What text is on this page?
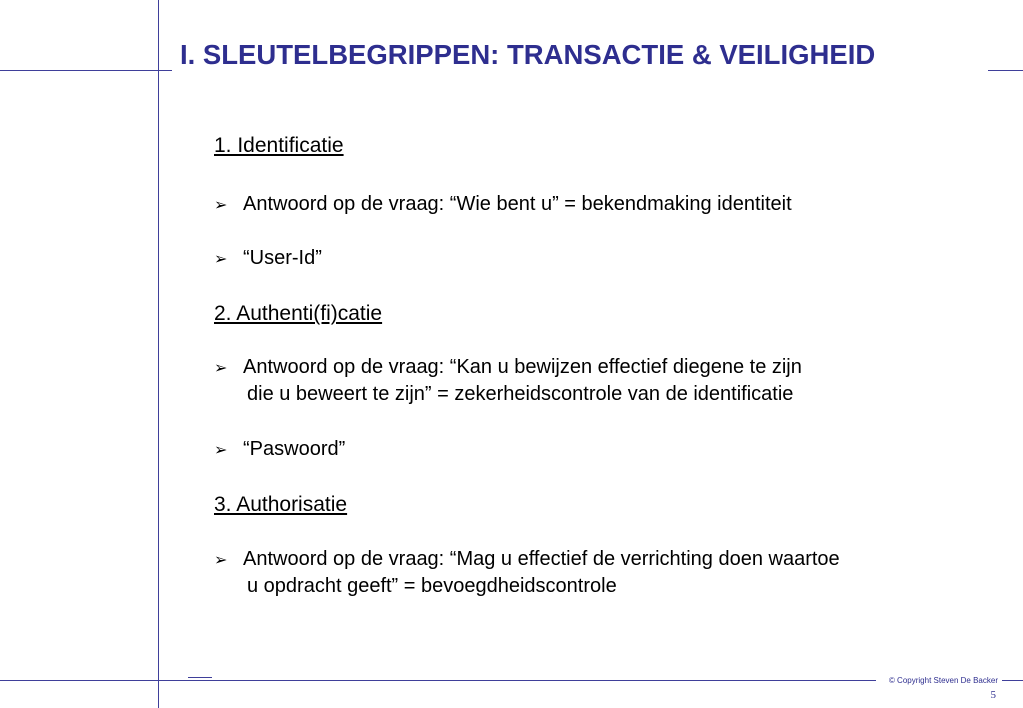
I. SLEUTELBEGRIPPEN: TRANSACTIE & VEILIGHEID
1. Identificatie
➢ Antwoord op de vraag: “Wie bent u” = bekendmaking identiteit
➢ “User-Id”
2. Authenti(fi)catie
➢ Antwoord op de vraag: “Kan u bewijzen effectief diegene te zijn
die u beweert te zijn” = zekerheidscontrole van de identificatie
➢ “Paswoord”
3. Authorisatie
➢ Antwoord op de vraag: “Mag u effectief de verrichting doen waartoe
u opdracht geeft” = bevoegdheidscontrole
© Copyright Steven De Backer
5
